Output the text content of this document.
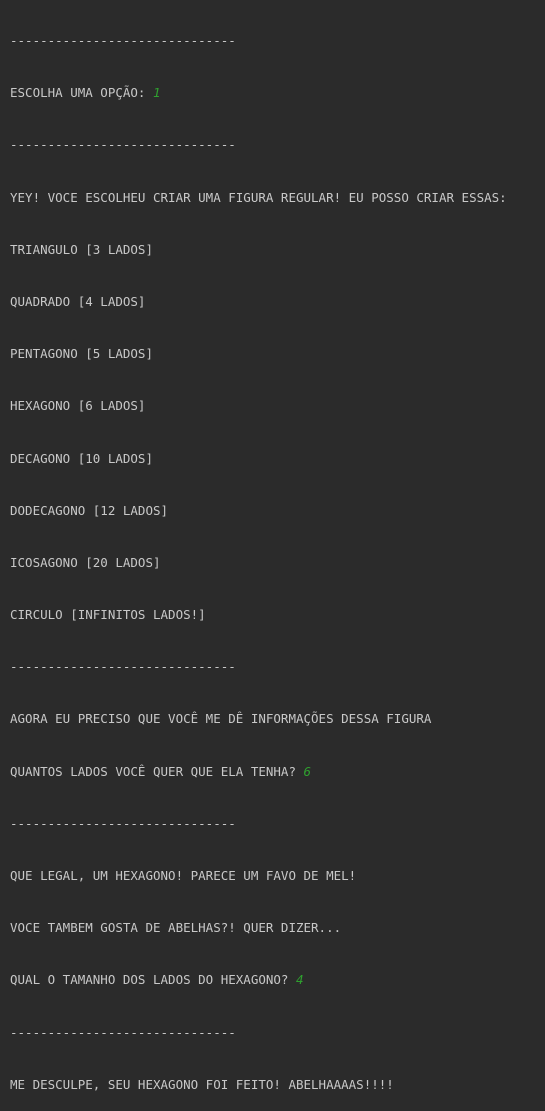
------------------------------

ESCOLHA UMA OPÇÃO: 1

------------------------------

YEY! VOCE ESCOLHEU CRIAR UMA FIGURA REGULAR! EU POSSO CRIAR ESSAS:

TRIANGULO [3 LADOS]

QUADRADO [4 LADOS]

PENTAGONO [5 LADOS]

HEXAGONO [6 LADOS]

DECAGONO [10 LADOS]

DODECAGONO [12 LADOS]

ICOSAGONO [20 LADOS]

CIRCULO [INFINITOS LADOS!]

------------------------------

AGORA EU PRECISO QUE VOCÊ ME DÊ INFORMAÇÕES DESSA FIGURA

QUANTOS LADOS VOCÊ QUER QUE ELA TENHA? 6

------------------------------

QUE LEGAL, UM HEXAGONO! PARECE UM FAVO DE MEL!

VOCE TAMBEM GOSTA DE ABELHAS?! QUER DIZER...

QUAL O TAMANHO DOS LADOS DO HEXAGONO? 4

------------------------------

ME DESCULPE, SEU HEXAGONO FOI FEITO! ABELHAAAAS!!!!
